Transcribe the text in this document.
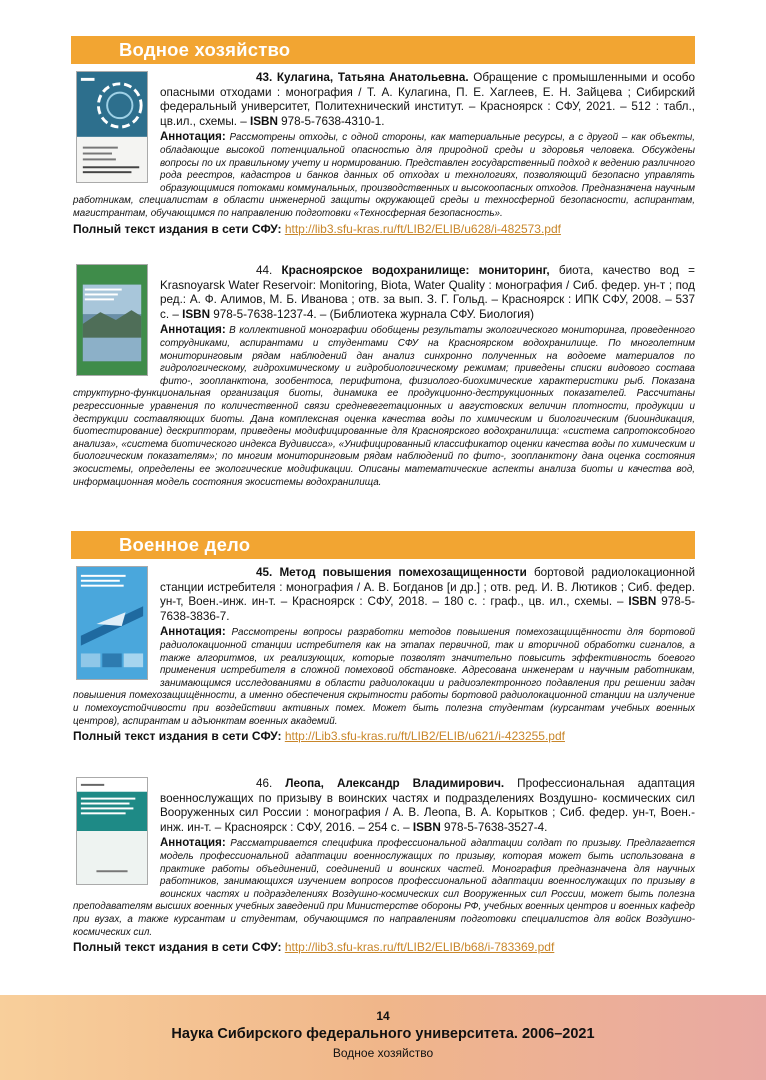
Водное хозяйство
43. Кулагина, Татьяна Анатольевна. Обращение с промышленными и особо опасными отходами : монография / Т. А. Кулагина, П. Е. Хаглеев, Е. Н. Зайцева ; Сибирский федеральный университет, Политехнический институт. – Красноярск : СФУ, 2021. – 512 : табл., цв.ил., схемы. – ISBN 978-5-7638-4310-1.
Аннотация: Рассмотрены отходы, с одной стороны, как материальные ресурсы, а с другой – как объекты, обладающие высокой потенциальной опасностью для природной среды и здоровья человека. Обсуждены вопросы по их правильному учету и нормированию. Представлен государственный подход к ведению различного рода реестров, кадастров и банков данных об отходах и технологиях, позволяющий безопасно управлять образующимися потоками коммунальных, производственных и высокоопасных отходов. Предназначена научным работникам, специалистам в области инженерной защиты окружающей среды и техносферной безопасности, аспирантам, магистрантам, обучающимся по направлению подготовки «Техносферная безопасность».
Полный текст издания в сети СФУ: http://lib3.sfu-kras.ru/ft/LIB2/ELIB/u628/i-482573.pdf
44. Красноярское водохранилище: мониторинг, биота, качество вод = Krasnoyarsk Water Reservoir: Monitoring, Biota, Water Quality : монография / Сиб. федер. ун-т ; под ред.: А. Ф. Алимов, М. Б. Иванова ; отв. за вып. З. Г. Гольд. – Красноярск : ИПК СФУ, 2008. – 537 с. – ISBN 978-5-7638-1237-4. – (Библиотека журнала СФУ. Биология)
Аннотация: В коллективной монографии обобщены результаты экологического мониторинга, проведенного сотрудниками, аспирантами и студентами СФУ на Красноярском водохранилище. По многолетним мониторинговым рядам наблюдений дан анализ синхронно полученных на водоеме материалов по гидрологическому, гидрохимическому и гидробиологическому режимам; приведены списки видового состава фито-, зоопланктона, зообентоса, перифитона, физиолого-биохимические характеристики рыб. Показана структурно-функциональная организация биоты, динамика ее продукционно-деструкционных показателей. Рассчитаны регрессионные уравнения по количественной связи средневегетационных и августовских величин плотности, продукции и деструкции составляющих биоты. Дана комплексная оценка качества воды по химическим и биологическим (биоиндикация, биотестирование) дескрипторам, приведены модифицированные для Красноярского водохранилища: «система сапротоксобного анализа», «система биотического индекса Вудивисса», «Унифицированный классификатор оценки качества воды по химическим и биологическим показателям»; по многим мониторинговым рядам наблюдений по фито-, зоопланктону дана оценка состояния экосистемы, определены ее экологические модификации. Описаны математические аспекты анализа биоты и качества вод, информационная модель состояния экосистемы водохранилища.
Военное дело
45. Метод повышения помехозащищенности бортовой радиолокационной станции истребителя : монография / А. В. Богданов [и др.] ; отв. ред. И. В. Лютиков ; Сиб. федер. ун-т, Воен.-инж. ин-т. – Красноярск : СФУ, 2018. – 180 с. : граф., цв. ил., схемы. – ISBN 978-5-7638-3836-7.
Аннотация: Рассмотрены вопросы разработки методов повышения помехозащищённости для бортовой радиолокационной станции истребителя как на этапах первичной, так и вторичной обработки сигналов, а также алгоритмов, их реализующих, которые позволят значительно повысить эффективность боевого применения истребителя в сложной помеховой обстановке. Адресована инженерам и научным работникам, занимающимся исследованиями в области радиолокации и радиоэлектронного подавления при решении задач повышения помехозащищённости, а именно обеспечения скрытности работы бортовой радиолокационной станции на излучение и помехоустойчивости при воздействии активных помех. Может быть полезна студентам (курсантам учебных военных центров), аспирантам и адъюнктам военных академий.
Полный текст издания в сети СФУ: http://Lib3.sfu-kras.ru/ft/LIB2/ELIB/u621/i-423255.pdf
46. Леопа, Александр Владимирович. Профессиональная адаптация военнослужащих по призыву в воинских частях и подразделениях Воздушно- космических сил Вооруженных сил России : монография / А. В. Леопа, В. А. Корытков ; Сиб. федер. ун-т, Воен.-инж. ин-т. – Красноярск : СФУ, 2016. – 254 с. – ISBN 978-5-7638-3527-4.
Аннотация: Рассматривается специфика профессиональной адаптации солдат по призыву. Предлагается модель профессиональной адаптации военнослужащих по призыву, которая может быть использована в практике работы объединений, соединений и воинских частей. Монография предназначена для научных работников, занимающихся изучением вопросов профессиональной адаптации военнослужащих по призыву в воинских частях и подразделениях Воздушно-космических сил Вооруженных сил России, может быть полезна преподавателям высших военных учебных заведений при Министерстве обороны РФ, учебных военных центров и военных кафедр при вузах, а также курсантам и студентам, обучающимся по направлениям подготовки специалистов для войск Воздушно-космических сил.
Полный текст издания в сети СФУ: http://lib3.sfu-kras.ru/ft/LIB2/ELIB/b68/i-783369.pdf
14
Наука Сибирского федерального университета. 2006–2021
Водное хозяйство
